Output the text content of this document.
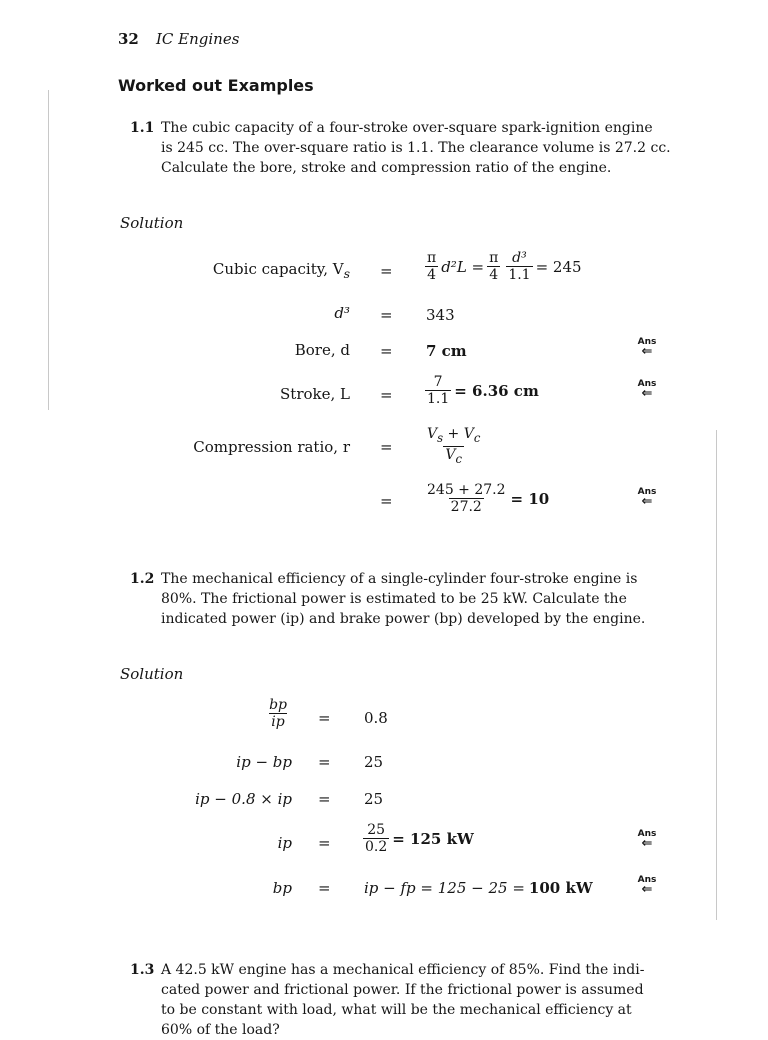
32 IC Engines
Worked out Examples
1.1 The cubic capacity of a four-stroke over-square spark-ignition engine
is 245 cc. The over-square ratio is 1.1. The clearance volume is 27.2 cc.
Calculate the bore, stroke and compression ratio of the engine.
Solution
Cubic capacity, $V_s = \frac{\pi}{4} d^2L = \frac{\pi}{4} \frac{\text{d³}}{1.1} = 245$
d³ = 343
Bore, d = 7 cm	Ans
⇐
Stroke, $L = \frac{7}{1.1} = 6.36$ cm	Ans
⇐
Compression ratio, $r = \frac{V_s + V_c}{V_c}$
= $\frac{245 + 27.2}{27.2} = 10$	Ans
⇐
1.2 The mechanical efficiency of a single-cylinder four-stroke engine is
80%. The frictional power is estimated to be 25 kW. Calculate the
indicated power (ip) and brake power (bp) developed by the engine.
Solution
$\frac{bp}{ip} = 0.8$
ip − bp = 25
ip − 0.8 × ip = 25
ip = $\frac{25}{0.2} = 125$ kW	Ans
⇐
bp = ip − fp = 125 − 25 = 100 kW	Ans
⇐
1.3 A 42.5 kW engine has a mechanical efficiency of 85%. Find the indi-
cated power and frictional power. If the frictional power is assumed
to be constant with load, what will be the mechanical efficiency at
60% of the load?
